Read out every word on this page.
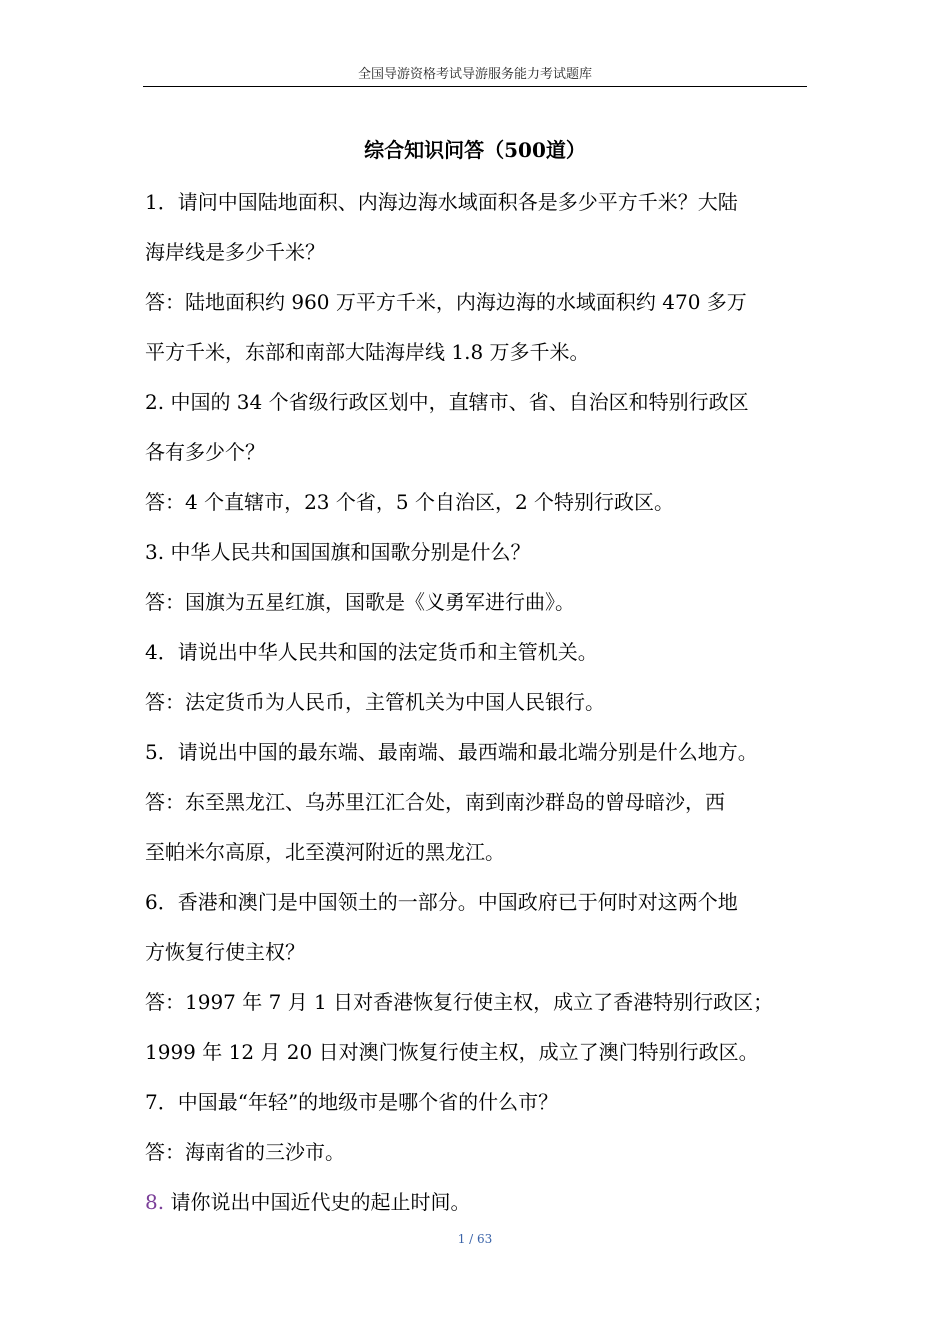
全国导游资格考试导游服务能力考试题库
综合知识问答（500道）
1．请问中国陆地面积、内海边海水域面积各是多少平方千米？大陆
海岸线是多少千米？
答：陆地面积约 960 万平方千米，内海边海的水域面积约 470 多万
平方千米，东部和南部大陆海岸线 1.8 万多千米。
2. 中国的 34 个省级行政区划中，直辖市、省、自治区和特别行政区
各有多少个？
答：4 个直辖市，23 个省，5 个自治区，2 个特别行政区。
3. 中华人民共和国国旗和国歌分别是什么？
答：国旗为五星红旗，国歌是《义勇军进行曲》。
4．请说出中华人民共和国的法定货币和主管机关。
答：法定货币为人民币，主管机关为中国人民银行。
5．请说出中国的最东端、最南端、最西端和最北端分别是什么地方。
答：东至黑龙江、乌苏里江汇合处，南到南沙群岛的曾母暗沙，西
至帕米尔高原，北至漠河附近的黑龙江。
6．香港和澳门是中国领土的一部分。中国政府已于何时对这两个地
方恢复行使主权？
答：1997 年 7 月 1 日对香港恢复行使主权，成立了香港特别行政区；
1999 年 12 月 20 日对澳门恢复行使主权，成立了澳门特别行政区。
7．中国最“年轻”的地级市是哪个省的什么市？
答：海南省的三沙市。
8. 请你说出中国近代史的起止时间。
1 / 63
